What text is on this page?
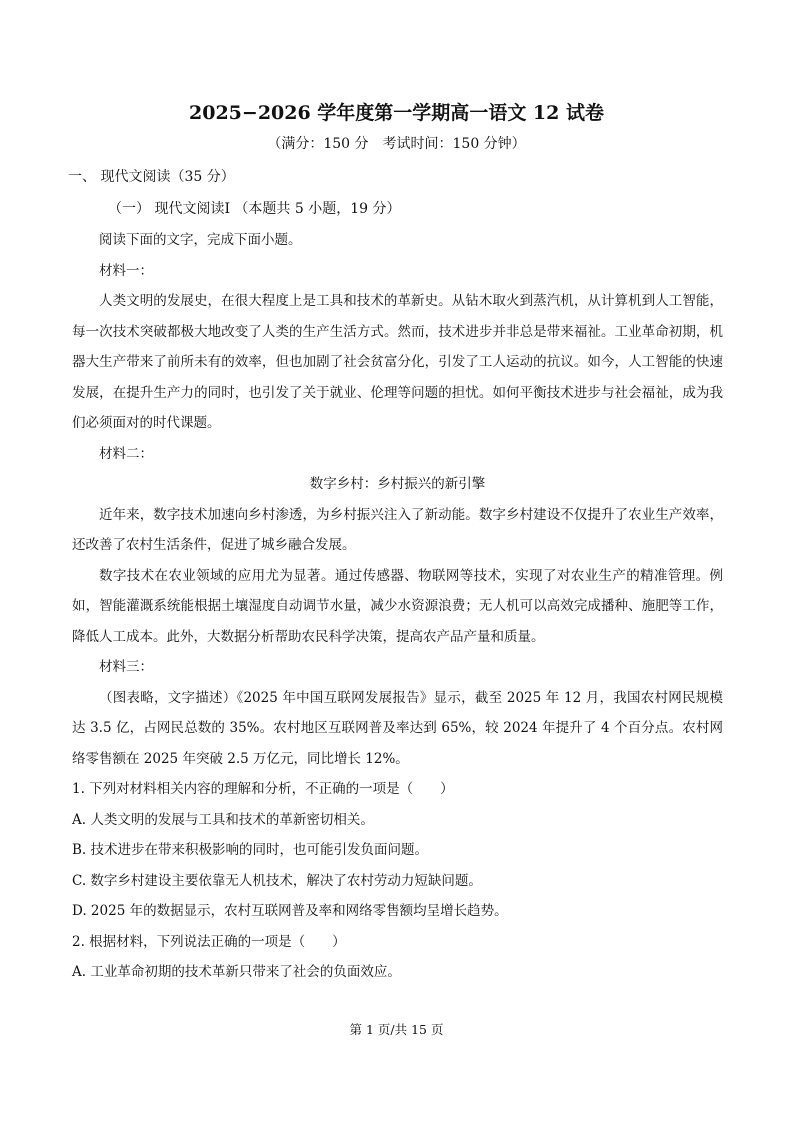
2025−2026 学年度第一学期高一语文 12 试卷
（满分：150 分　考试时间：150 分钟）
一、 现代文阅读（35 分）
（一） 现代文阅读Ⅰ （本题共 5 小题，19 分）
阅读下面的文字，完成下面小题。
材料一：
人类文明的发展史，在很大程度上是工具和技术的革新史。从钻木取火到蒸汽机，从计算机到人工智能，每一次技术突破都极大地改变了人类的生产生活方式。然而，技术进步并非总是带来福祉。工业革命初期，机器大生产带来了前所未有的效率，但也加剧了社会贫富分化，引发了工人运动的抗议。如今，人工智能的快速发展，在提升生产力的同时，也引发了关于就业、伦理等问题的担忧。如何平衡技术进步与社会福祉，成为我们必须面对的时代课题。
材料二：
数字乡村：乡村振兴的新引擎
近年来，数字技术加速向乡村渗透，为乡村振兴注入了新动能。数字乡村建设不仅提升了农业生产效率，还改善了农村生活条件，促进了城乡融合发展。
数字技术在农业领域的应用尤为显著。通过传感器、物联网等技术，实现了对农业生产的精准管理。例如，智能灌溉系统能根据土壤湿度自动调节水量，减少水资源浪费；无人机可以高效完成播种、施肥等工作，降低人工成本。此外，大数据分析帮助农民科学决策，提高农产品产量和质量。
材料三：
（图表略，文字描述）《2025 年中国互联网发展报告》显示，截至 2025 年 12 月，我国农村网民规模达 3.5 亿，占网民总数的 35%。农村地区互联网普及率达到 65%，较 2024 年提升了 4 个百分点。农村网络零售额在 2025 年突破 2.5 万亿元，同比增长 12%。
1. 下列对材料相关内容的理解和分析，不正确的一项是（　　）
A. 人类文明的发展与工具和技术的革新密切相关。
B. 技术进步在带来积极影响的同时，也可能引发负面问题。
C. 数字乡村建设主要依靠无人机技术，解决了农村劳动力短缺问题。
D. 2025 年的数据显示，农村互联网普及率和网络零售额均呈增长趋势。
2. 根据材料，下列说法正确的一项是（　　）
A. 工业革命初期的技术革新只带来了社会的负面效应。
第 1 页/共 15 页
